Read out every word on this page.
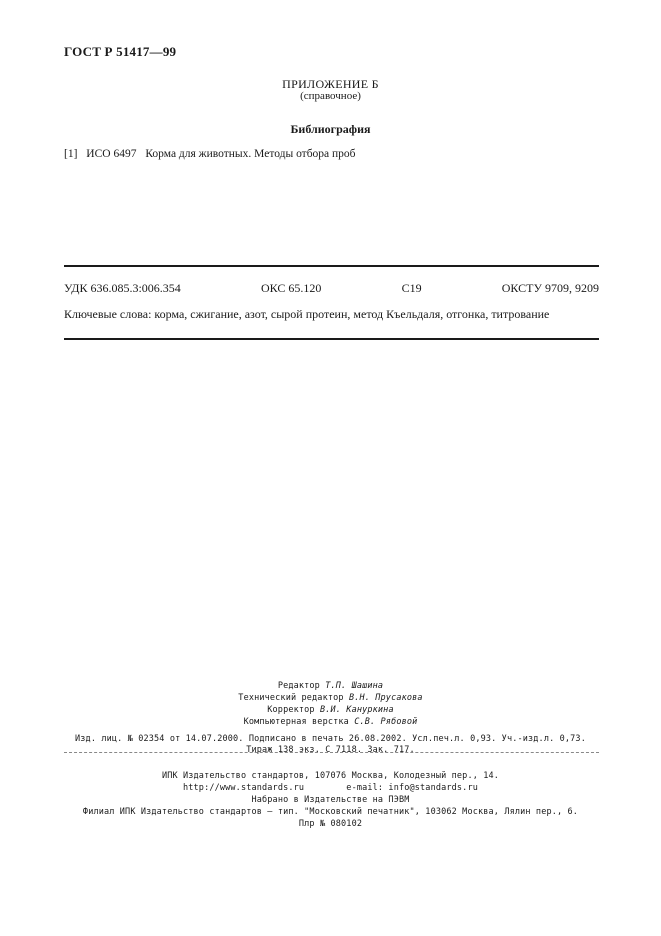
ГОСТ Р 51417—99
ПРИЛОЖЕНИЕ Б
(справочное)
Библиография
[1] ИСО 6497 Корма для животных. Методы отбора проб
УДК 636.085.3:006.354	ОКС 65.120	С19	ОКСТУ 9709, 9209
Ключевые слова: корма, сжигание, азот, сырой протеин, метод Къельдаля, отгонка, титрование
Редактор Т.П. Шашина
Технический редактор В.Н. Прусакова
Корректор В.И. Кануркина
Компьютерная верстка С.В. Рябовой
Изд. лиц. № 02354 от 14.07.2000. Подписано в печать 26.08.2002. Усл.печ.л. 0,93. Уч.-изд.л. 0,73.
Тираж 138 экз. С 7118. Зак. 717.
ИПК Издательство стандартов, 107076 Москва, Колодезный пер., 14.
http://www.standards.ru	e-mail: info@standards.ru
Набрано в Издательстве на ПЭВМ
Филиал ИПК Издательство стандартов — тип. "Московский печатник", 103062 Москва, Лялин пер., 6.
Плр № 080102
